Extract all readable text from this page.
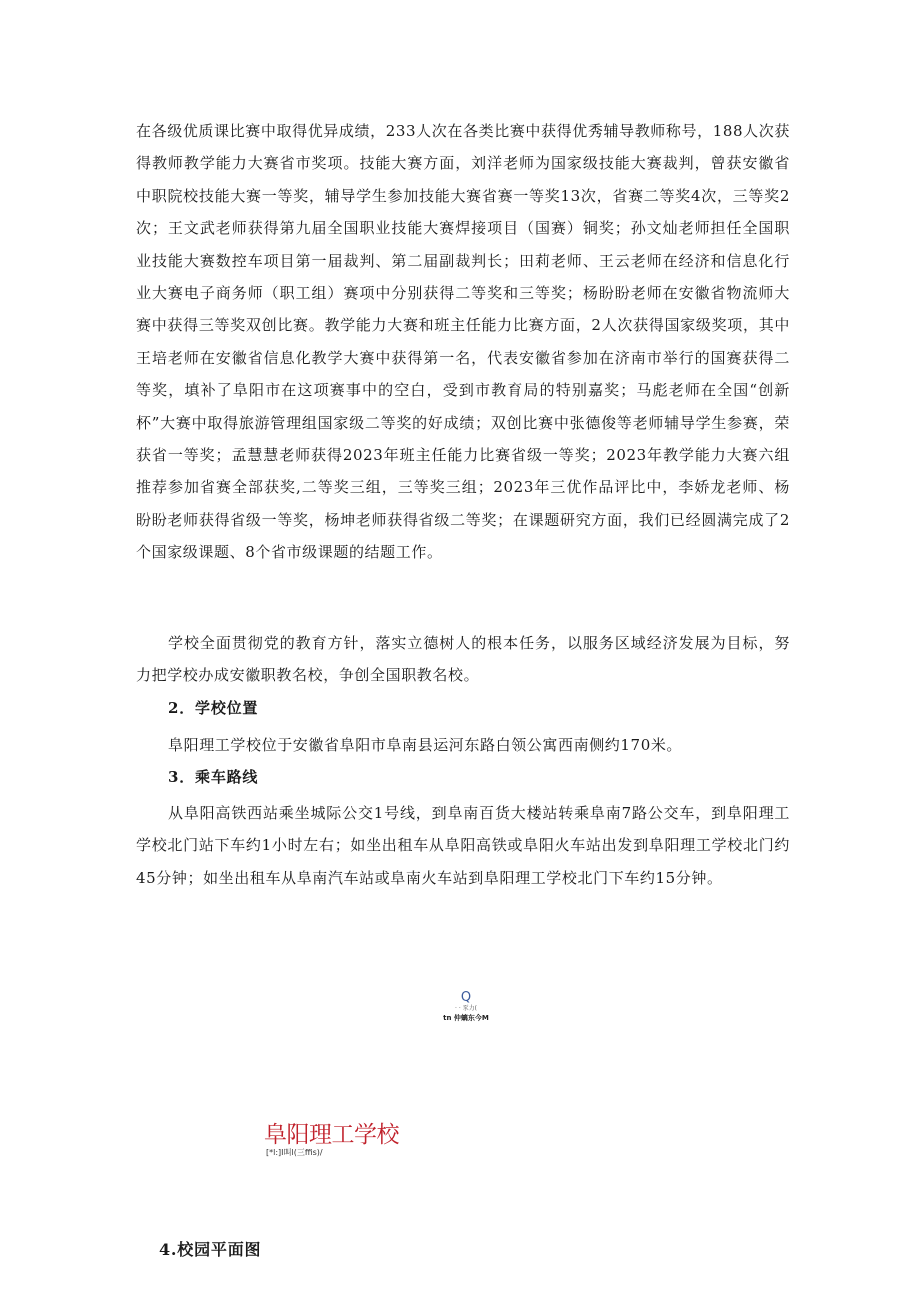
在各级优质课比赛中取得优异成绩，233人次在各类比赛中获得优秀辅导教师称号，188人次获得教师教学能力大赛省市奖项。技能大赛方面，刘洋老师为国家级技能大赛裁判，曾获安徽省中职院校技能大赛一等奖，辅导学生参加技能大赛省赛一等奖13次，省赛二等奖4次，三等奖2次；王文武老师获得第九届全国职业技能大赛焊接项目（国赛）铜奖；孙文灿老师担任全国职业技能大赛数控车项目第一届裁判、第二届副裁判长；田莉老师、王云老师在经济和信息化行业大赛电子商务师（职工组）赛项中分别获得二等奖和三等奖；杨盼盼老师在安徽省物流师大赛中获得三等奖双创比赛。教学能力大赛和班主任能力比赛方面，2人次获得国家级奖项，其中王培老师在安徽省信息化教学大赛中获得第一名，代表安徽省参加在济南市举行的国赛获得二等奖，填补了阜阳市在这项赛事中的空白，受到市教育局的特别嘉奖；马彪老师在全国“创新杯”大赛中取得旅游管理组国家级二等奖的好成绩；双创比赛中张德俊等老师辅导学生参赛，荣获省一等奖；孟慧慧老师获得2023年班主任能力比赛省级一等奖；2023年教学能力大赛六组推荐参加省赛全部获奖,二等奖三组，三等奖三组；2023年三优作品评比中，李娇龙老师、杨盼盼老师获得省级一等奖，杨坤老师获得省级二等奖；在课题研究方面，我们已经圆满完成了2个国家级课题、8个省市级课题的结题工作。

学校全面贯彻党的教育方针，落实立德树人的根本任务，以服务区域经济发展为目标，努力把学校办成安徽职教名校，争创全国职教名校。

2．学校位置

阜阳理工学校位于安徽省阜阳市阜南县运河东路白领公寓西南侧约170米。

3．乘车路线

从阜阳高铁西站乘坐城际公交1号线，到阜南百货大楼站转乘阜南7路公交车，到阜阳理工学校北门站下车约1小时左右；如坐出租车从阜阳高铁或阜阳火车站出发到阜阳理工学校北门约45分钟；如坐出租车从阜南汽车站或阜南火车站到阜阳理工学校北门下车约15分钟。

Q
· · 豕力(
tn 仲螭东今M

阜阳理工学校

[*l:]I叫l(三ffis)/

4.校园平面图
